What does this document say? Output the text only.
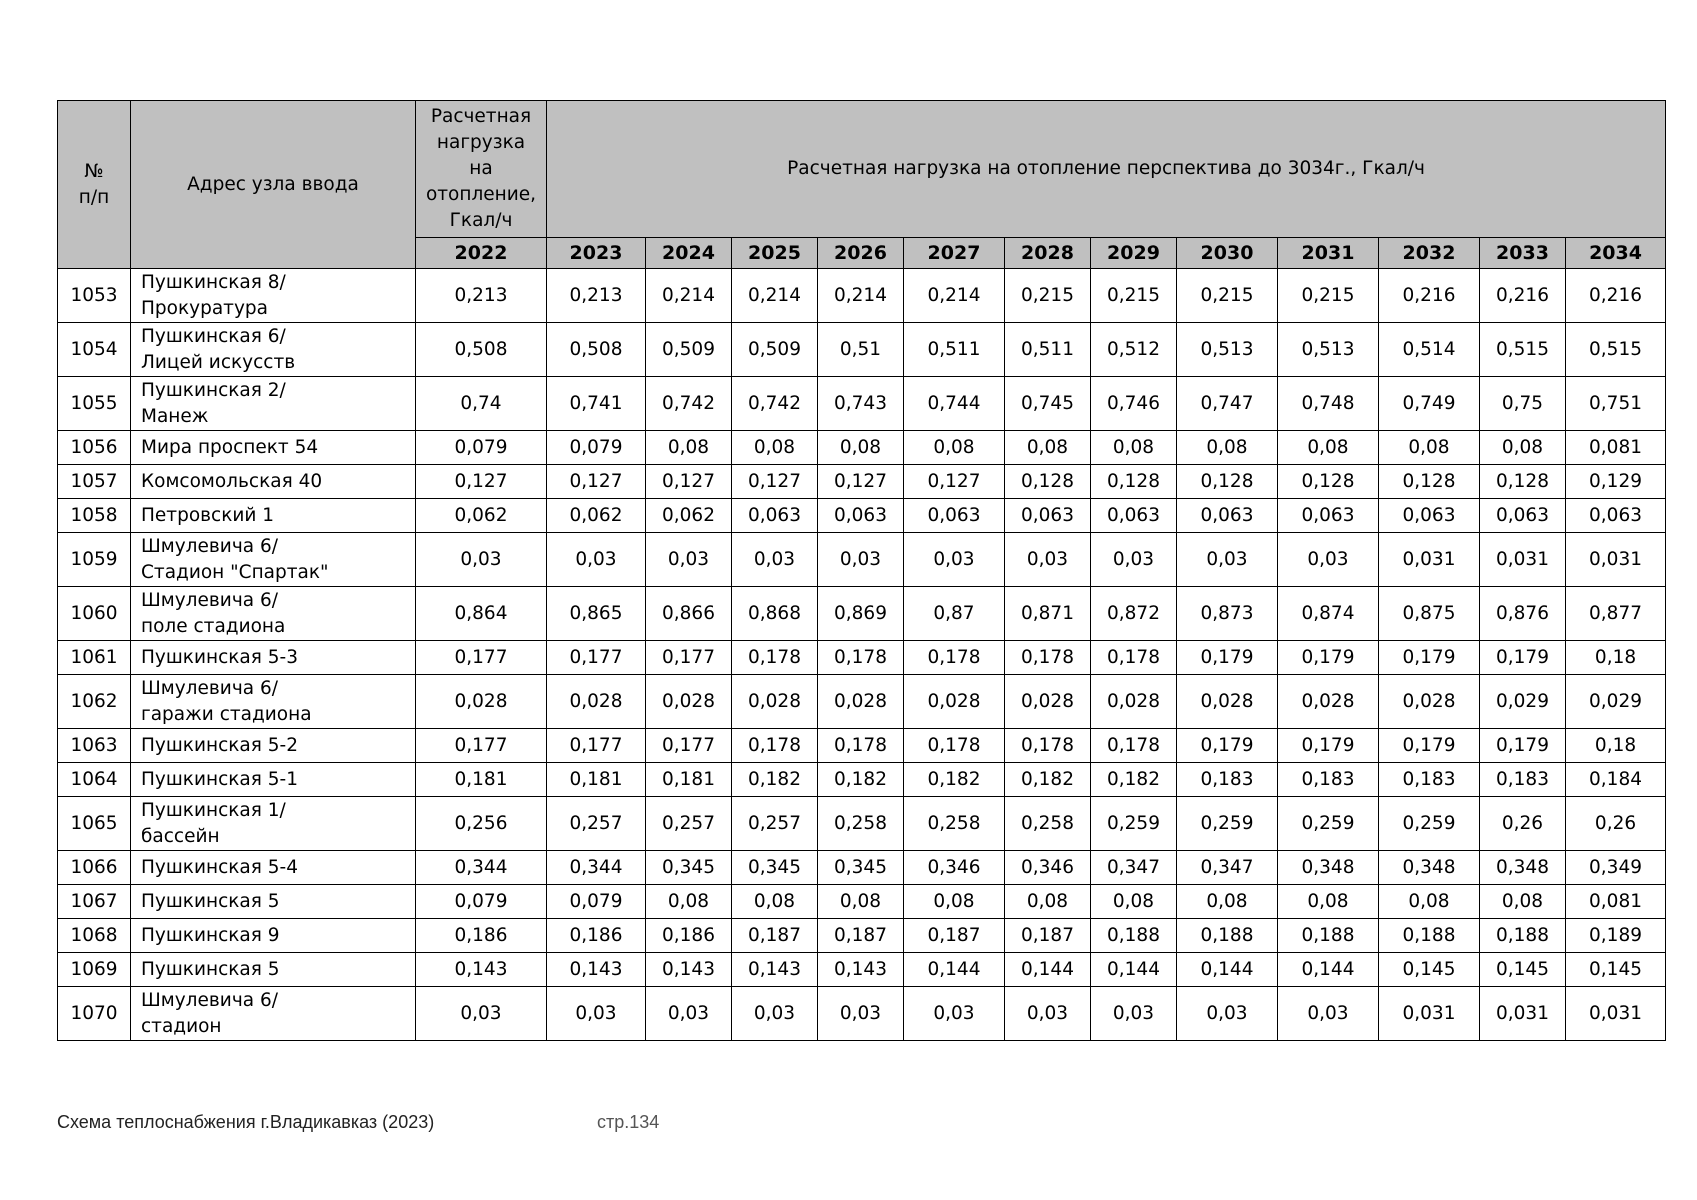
№
п/п	Адрес узла ввода	Расчетная
нагрузка
на
отопление,
Гкал/ч	Расчетная нагрузка на отопление перспектива до 3034г., Гкал/ч											
		2022	2023	2024	2025	2026	2027	2028	2029	2030	2031	2032	2033	2034
1053	Пушкинская 8/
Прокуратура	0,213	0,213	0,214	0,214	0,214	0,214	0,215	0,215	0,215	0,215	0,216	0,216	0,216
1054	Пушкинская 6/
Лицей искусств	0,508	0,508	0,509	0,509	0,51	0,511	0,511	0,512	0,513	0,513	0,514	0,515	0,515
1055	Пушкинская 2/
Манеж	0,74	0,741	0,742	0,742	0,743	0,744	0,745	0,746	0,747	0,748	0,749	0,75	0,751
1056	Мира проспект 54	0,079	0,079	0,08	0,08	0,08	0,08	0,08	0,08	0,08	0,08	0,08	0,08	0,081
1057	Комсомольская 40	0,127	0,127	0,127	0,127	0,127	0,127	0,128	0,128	0,128	0,128	0,128	0,128	0,129
1058	Петровский 1	0,062	0,062	0,062	0,063	0,063	0,063	0,063	0,063	0,063	0,063	0,063	0,063	0,063
1059	Шмулевича 6/
Стадион "Спартак"	0,03	0,03	0,03	0,03	0,03	0,03	0,03	0,03	0,03	0,03	0,031	0,031	0,031
1060	Шмулевича 6/
поле стадиона	0,864	0,865	0,866	0,868	0,869	0,87	0,871	0,872	0,873	0,874	0,875	0,876	0,877
1061	Пушкинская 5-3	0,177	0,177	0,177	0,178	0,178	0,178	0,178	0,178	0,179	0,179	0,179	0,179	0,18
1062	Шмулевича 6/
гаражи стадиона	0,028	0,028	0,028	0,028	0,028	0,028	0,028	0,028	0,028	0,028	0,028	0,029	0,029
1063	Пушкинская 5-2	0,177	0,177	0,177	0,178	0,178	0,178	0,178	0,178	0,179	0,179	0,179	0,179	0,18
1064	Пушкинская 5-1	0,181	0,181	0,181	0,182	0,182	0,182	0,182	0,182	0,183	0,183	0,183	0,183	0,184
1065	Пушкинская 1/
бассейн	0,256	0,257	0,257	0,257	0,258	0,258	0,258	0,259	0,259	0,259	0,259	0,26	0,26
1066	Пушкинская 5-4	0,344	0,344	0,345	0,345	0,345	0,346	0,346	0,347	0,347	0,348	0,348	0,348	0,349
1067	Пушкинская 5	0,079	0,079	0,08	0,08	0,08	0,08	0,08	0,08	0,08	0,08	0,08	0,08	0,081
1068	Пушкинская 9	0,186	0,186	0,186	0,187	0,187	0,187	0,187	0,188	0,188	0,188	0,188	0,188	0,189
1069	Пушкинская 5	0,143	0,143	0,143	0,143	0,143	0,144	0,144	0,144	0,144	0,144	0,145	0,145	0,145
1070	Шмулевича 6/
стадион	0,03	0,03	0,03	0,03	0,03	0,03	0,03	0,03	0,03	0,03	0,031	0,031	0,031
Схема теплоснабжения г.Владикавказ (2023)	стр.134
